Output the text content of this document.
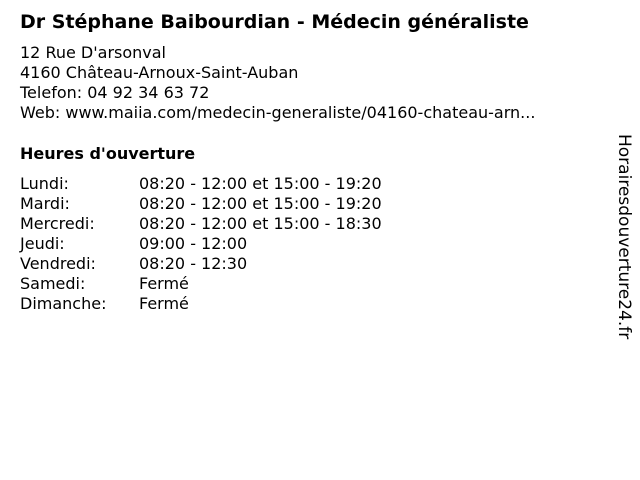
Dr Stéphane Baibourdian - Médecin généraliste
12 Rue D'arsonval
4160 Château-Arnoux-Saint-Auban
Telefon: 04 92 34 63 72
Web: www.maiia.com/medecin-generaliste/04160-chateau-arn...
Heures d'ouverture
Lundi:	08:20 - 12:00 et 15:00 - 19:20
Mardi:	08:20 - 12:00 et 15:00 - 19:20
Mercredi:	08:20 - 12:00 et 15:00 - 18:30
Jeudi:	09:00 - 12:00
Vendredi:	08:20 - 12:30
Samedi:	Fermé
Dimanche: Fermé	Horairesdouverture24.fr
